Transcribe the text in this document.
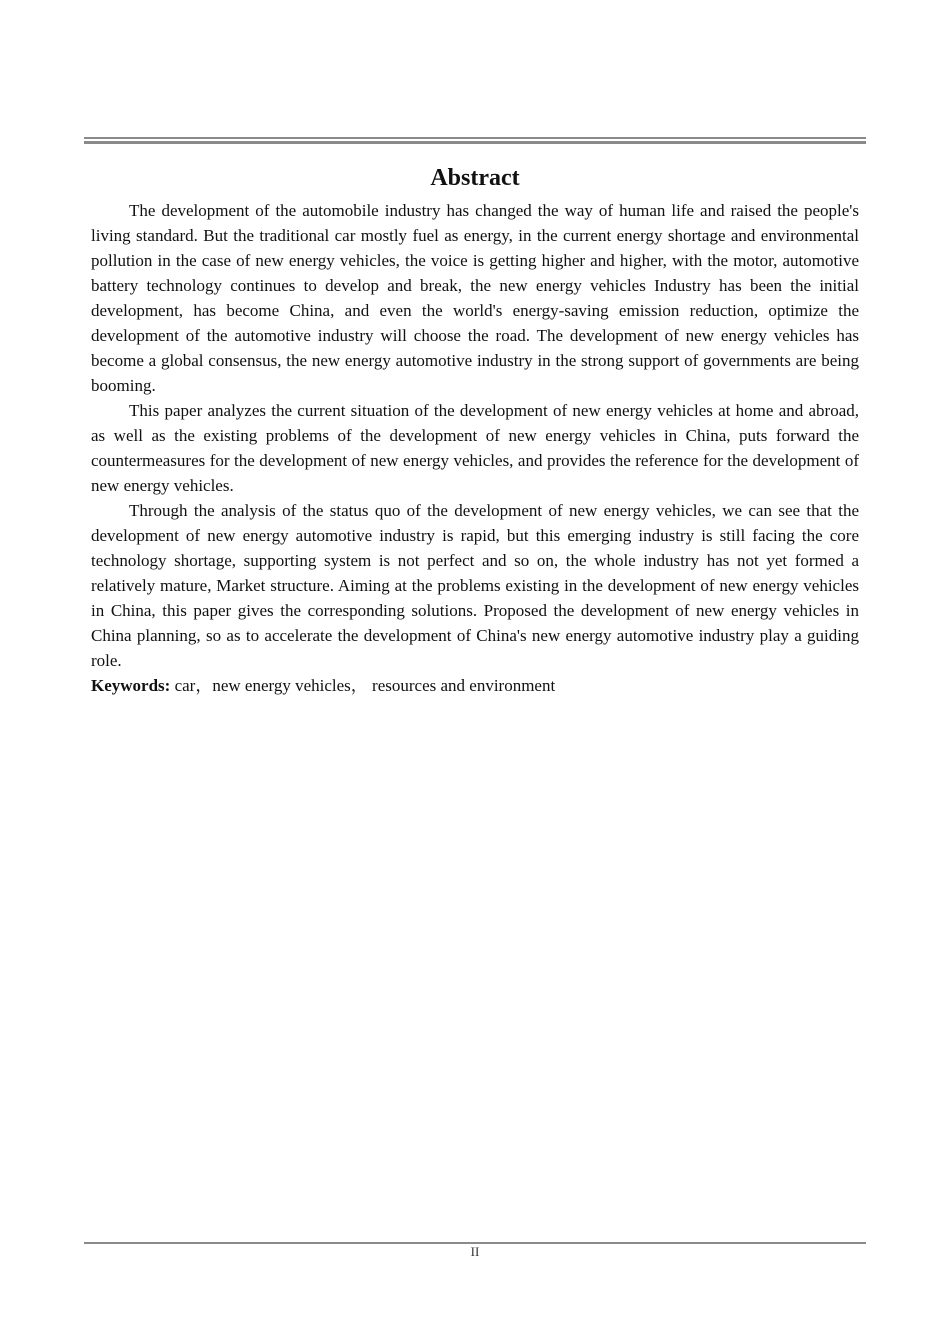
Abstract

The development of the automobile industry has changed the way of human life and raised the people's living standard. But the traditional car mostly fuel as energy, in the current energy shortage and environmental pollution in the case of new energy vehicles, the voice is getting higher and higher, with the motor, automotive battery technology continues to develop and break, the new energy vehicles Industry has been the initial development, has become China, and even the world's energy-saving emission reduction, optimize the development of the automotive industry will choose the road. The development of new energy vehicles has become a global consensus, the new energy automotive industry in the strong support of governments are being booming.

This paper analyzes the current situation of the development of new energy vehicles at home and abroad, as well as the existing problems of the development of new energy vehicles in China, puts forward the countermeasures for the development of new energy vehicles, and provides the reference for the development of new energy vehicles.

Through the analysis of the status quo of the development of new energy vehicles, we can see that the development of new energy automotive industry is rapid, but this emerging industry is still facing the core technology shortage, supporting system is not perfect and so on, the whole industry has not yet formed a relatively mature, Market structure. Aiming at the problems existing in the development of new energy vehicles in China, this paper gives the corresponding solutions. Proposed the development of new energy vehicles in China planning, so as to accelerate the development of China's new energy automotive industry play a guiding role.

Keywords: car，new energy vehicles， resources and environment

II
